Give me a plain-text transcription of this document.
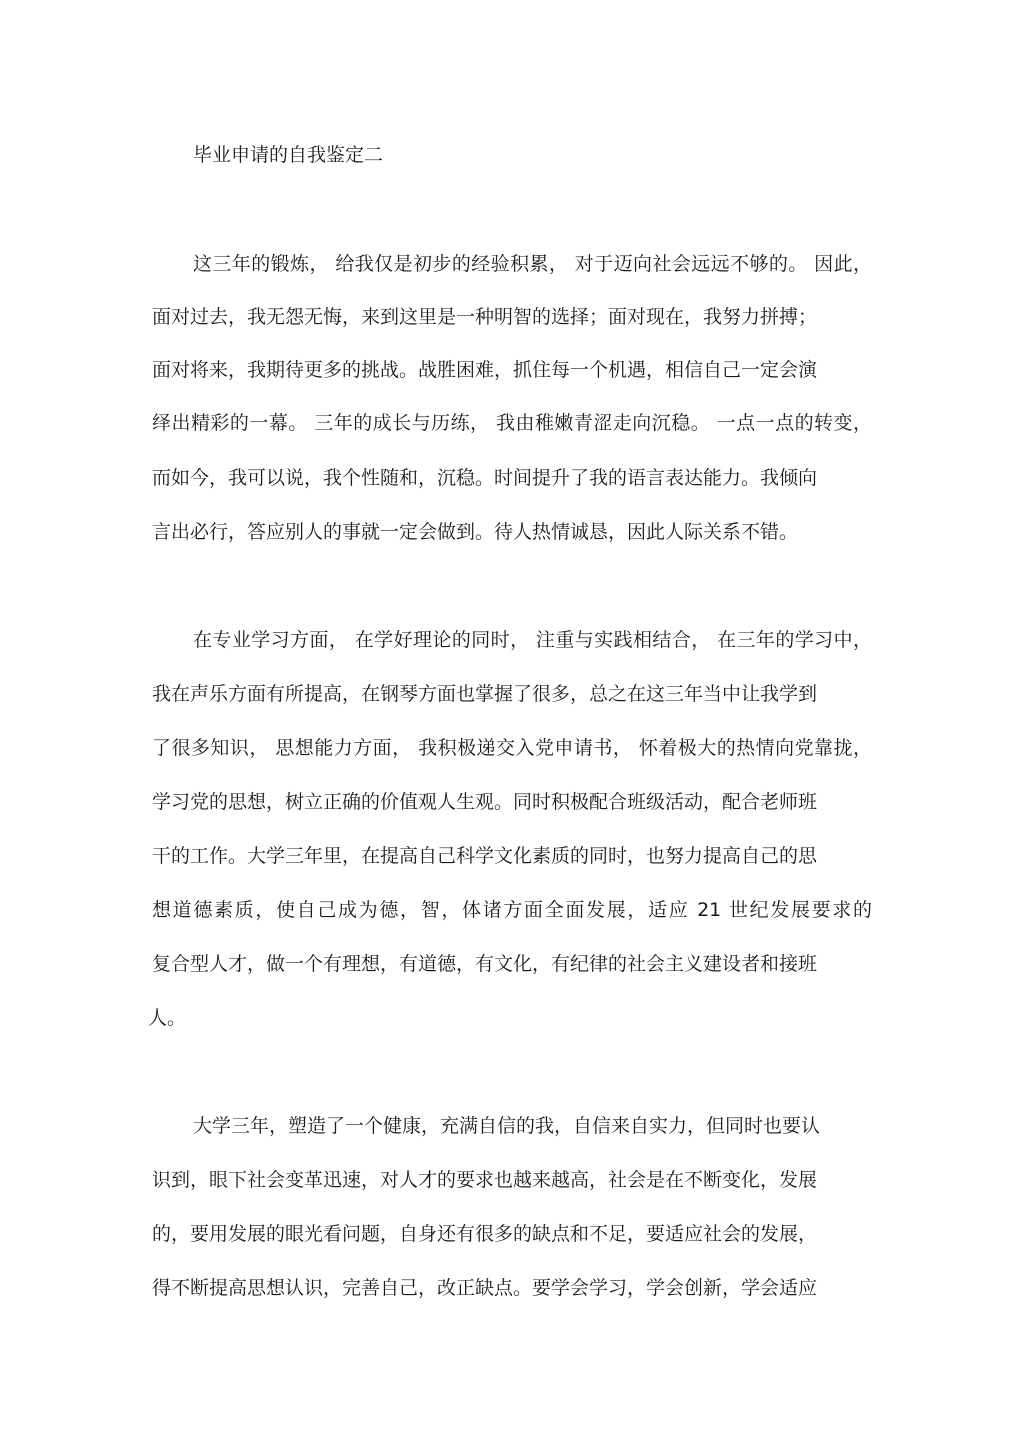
毕业申请的自我鉴定二

这三年的锻炼， 给我仅是初步的经验积累， 对于迈向社会远远不够的。 因此，

面对过去，我无怨无悔，来到这里是一种明智的选择；面对现在，我努力拼搏；

面对将来，我期待更多的挑战。战胜困难，抓住每一个机遇，相信自己一定会演

绎出精彩的一幕。 三年的成长与历练， 我由稚嫩青涩走向沉稳。 一点一点的转变，

而如今，我可以说，我个性随和，沉稳。时间提升了我的语言表达能力。我倾向

言出必行，答应别人的事就一定会做到。待人热情诚恳，因此人际关系不错。

在专业学习方面， 在学好理论的同时， 注重与实践相结合， 在三年的学习中，

我在声乐方面有所提高，在钢琴方面也掌握了很多，总之在这三年当中让我学到

了很多知识， 思想能力方面， 我积极递交入党申请书， 怀着极大的热情向党靠拢，

学习党的思想，树立正确的价值观人生观。同时积极配合班级活动，配合老师班

干的工作。大学三年里，在提高自己科学文化素质的同时，也努力提高自己的思

想道德素质，使自己成为德，智，体诸方面全面发展，适应 21 世纪发展要求的

复合型人才，做一个有理想，有道德，有文化，有纪律的社会主义建设者和接班

人。

大学三年，塑造了一个健康，充满自信的我，自信来自实力，但同时也要认

识到，眼下社会变革迅速，对人才的要求也越来越高，社会是在不断变化，发展

的，要用发展的眼光看问题，自身还有很多的缺点和不足，要适应社会的发展，

得不断提高思想认识，完善自己，改正缺点。要学会学习，学会创新，学会适应
